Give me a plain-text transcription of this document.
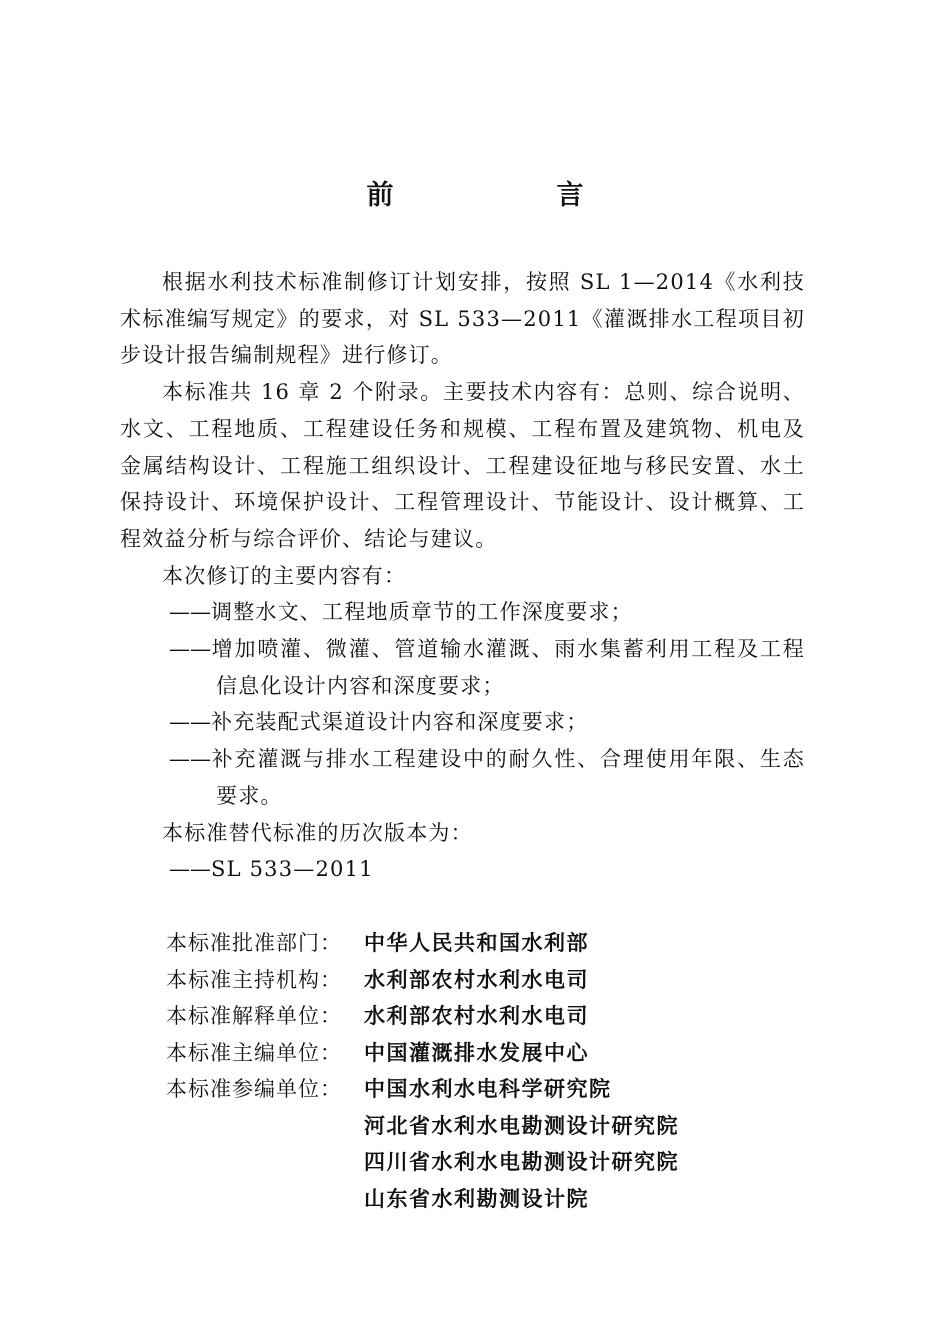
前　言

根据水利技术标准制修订计划安排，按照 SL 1—2014《水利技术标准编写规定》的要求，对 SL 533—2011《灌溉排水工程项目初步设计报告编制规程》进行修订。

本标准共 16 章 2 个附录。主要技术内容有：总则、综合说明、水文、工程地质、工程建设任务和规模、工程布置及建筑物、机电及金属结构设计、工程施工组织设计、工程建设征地与移民安置、水土保持设计、环境保护设计、工程管理设计、节能设计、设计概算、工程效益分析与综合评价、结论与建议。

本次修订的主要内容有：

——调整水文、工程地质章节的工作深度要求；

——增加喷灌、微灌、管道输水灌溉、雨水集蓄利用工程及工程信息化设计内容和深度要求；

——补充装配式渠道设计内容和深度要求；

——补充灌溉与排水工程建设中的耐久性、合理使用年限、生态要求。

本标准替代标准的历次版本为：

——SL 533—2011

本标准批准部门：	中华人民共和国水利部
本标准主持机构：	水利部农村水利水电司
本标准解释单位：	水利部农村水利水电司
本标准主编单位：	中国灌溉排水发展中心
本标准参编单位：	中国水利水电科学研究院
河北省水利水电勘测设计研究院
四川省水利水电勘测设计研究院
山东省水利勘测设计院
